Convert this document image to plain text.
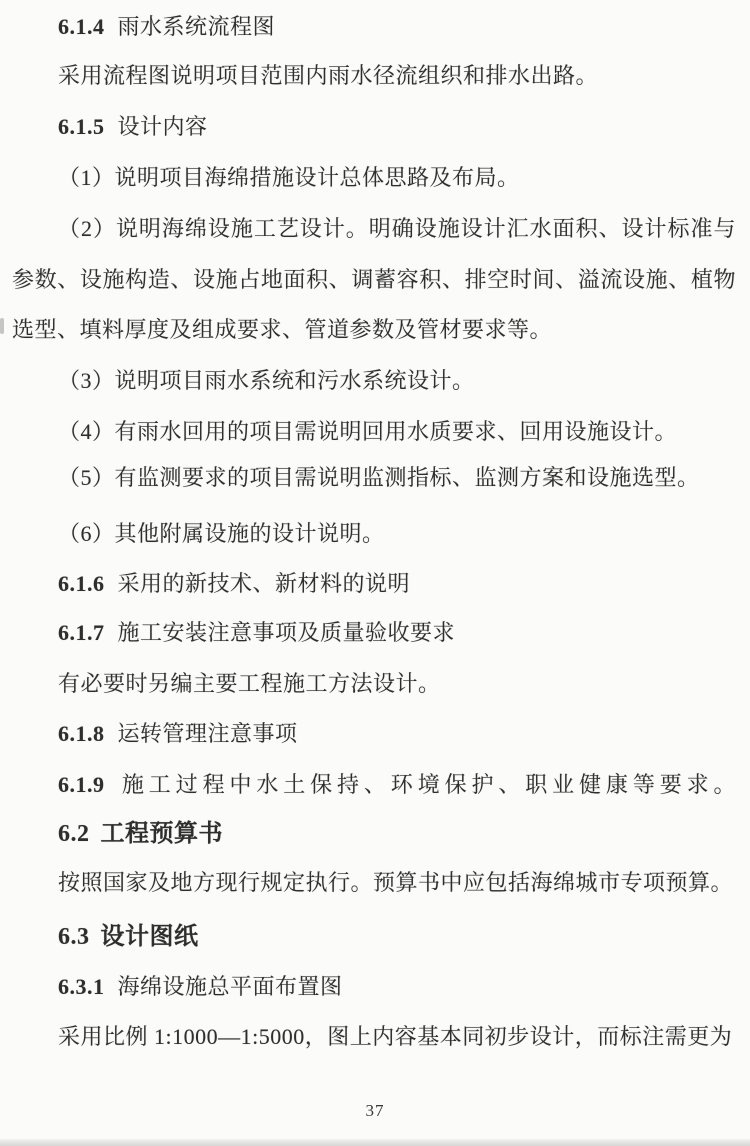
6.1.4 雨水系统流程图
采用流程图说明项目范围内雨水径流组织和排水出路。
6.1.5 设计内容
（1）说明项目海绵措施设计总体思路及布局。
（2）说明海绵设施工艺设计。明确设施设计汇水面积、设计标准与
参数、设施构造、设施占地面积、调蓄容积、排空时间、溢流设施、植物
选型、填料厚度及组成要求、管道参数及管材要求等。
（3）说明项目雨水系统和污水系统设计。
（4）有雨水回用的项目需说明回用水质要求、回用设施设计。
（5）有监测要求的项目需说明监测指标、监测方案和设施选型。
（6）其他附属设施的设计说明。
6.1.6 采用的新技术、新材料的说明
6.1.7 施工安装注意事项及质量验收要求
有必要时另编主要工程施工方法设计。
6.1.8 运转管理注意事项
6.1.9 施工过程中水土保持、环境保护、职业健康等要求。
6.2 工程预算书
按照国家及地方现行规定执行。预算书中应包括海绵城市专项预算。
6.3 设计图纸
6.3.1 海绵设施总平面布置图
采用比例 1:1000—1:5000，图上内容基本同初步设计，而标注需更为
37
